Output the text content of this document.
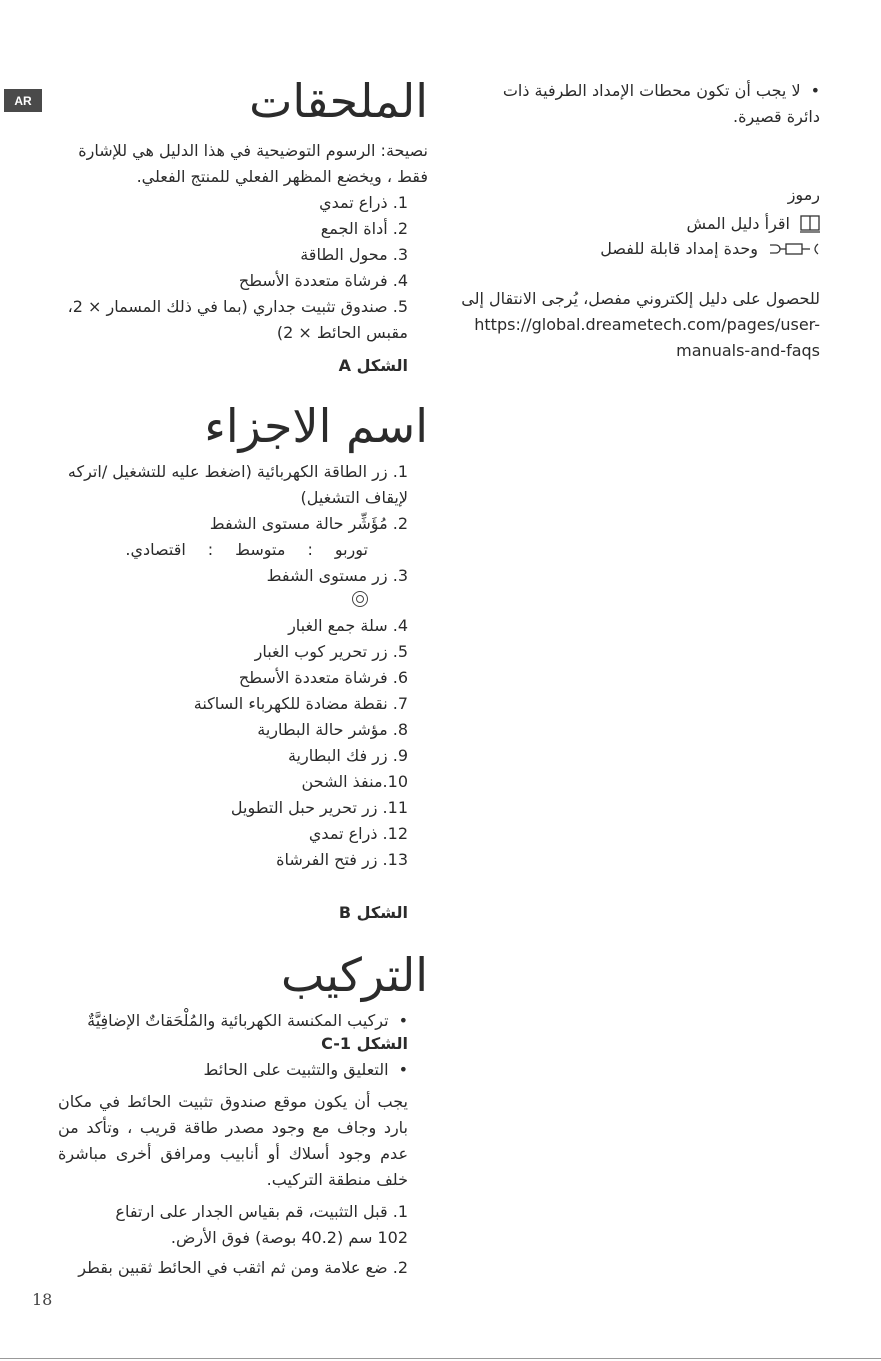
AR	الملحقات

نصيحة: الرسوم التوضيحية في هذا الدليل هي للإشارة فقط ، ويخضع المظهر الفعلي للمنتج الفعلي.

1. ذراع تمدي
2. أداة الجمع
3. محول الطاقة
4. فرشاة متعددة الأسطح
5. صندوق تثبيت جداري (بما في ذلك المسمار × 2، مقبس الحائط × 2)
الشكل A
اسم الاجزاء
1. زر الطاقة الكهربائية (اضغط عليه للتشغيل /اتركه لإيقاف التشغيل)
2. مُؤَشِّر حالة مستوى الشفط
توربو:متوسط:اقتصادي.
3. زر مستوى الشفط
4. سلة جمع الغبار
5. زر تحرير كوب الغبار
6. فرشاة متعددة الأسطح
7. نقطة مضادة للكهرباء الساكنة
8. مؤشر حالة البطارية
9. زر فك البطارية
10.منفذ الشحن
11. زر تحرير حبل التطويل
12. ذراع تمدي
13. زر فتح الفرشاة
الشكل B
التركيب
• تركيب المكنسة الكهربائية والمُلْحَقاتٌ الإضافِيَّةٌ
الشكل C-1
• التعليق والتثبيت على الحائط

يجب أن يكون موقع صندوق تثبيت الحائط في مكان بارد وجاف مع وجود مصدر طاقة قريب ، وتأكد من عدم وجود أسلاك أو أنابيب ومرافق أخرى مباشرة خلف منطقة التركيب.

1. قبل التثبيت، قم بقياس الجدار على ارتفاع 102 سم (40.2 بوصة) فوق الأرض.

2. ضع علامة ومن ثم اثقب في الحائط ثقبين بقطر

• لا يجب أن تكون محطات الإمداد الطرفية ذات دائرة قصيرة.

رموز
اقرأ دليل المش
وحدة إمداد قابلة للفصل

للحصول على دليل إلكتروني مفصل، يُرجى الانتقال إلى

https://global.dreametech.com/pages/user-manuals-and-faqs

18
